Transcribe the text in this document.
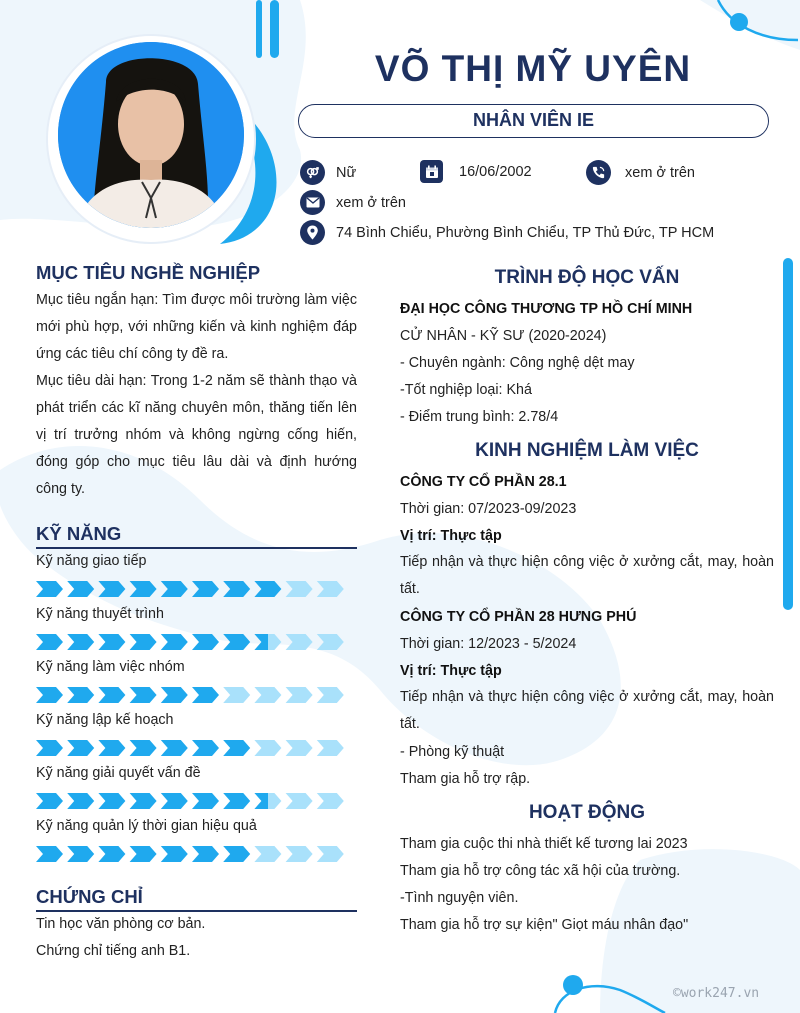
VÕ THỊ MỸ UYÊN
NHÂN VIÊN IE
Nữ	16/06/2002	xem ở trên
xem ở trên
74 Bình Chiểu, Phường Bình Chiểu, TP Thủ Đức, TP HCM
MỤC TIÊU NGHỀ NGHIỆP
Mục tiêu ngắn hạn: Tìm được môi trường làm việc mới phù hợp, với những kiến và kinh nghiệm đáp ứng các tiêu chí công ty đề ra.
Mục tiêu dài hạn: Trong 1-2 năm sẽ thành thạo và phát triển các kĩ năng chuyên môn, thăng tiến lên vị trí trưởng nhóm và không ngừng cống hiến, đóng góp cho mục tiêu lâu dài và định hướng công ty.
KỸ NĂNG
Kỹ năng giao tiếp
Kỹ năng thuyết trình
Kỹ năng làm việc nhóm
Kỹ năng lập kế hoạch
Kỹ năng giải quyết vấn đề
Kỹ năng quản lý thời gian hiệu quả
CHỨNG CHỈ
Tin học văn phòng cơ bản.
Chứng chỉ tiếng anh B1.
TRÌNH ĐỘ HỌC VẤN
ĐẠI HỌC CÔNG THƯƠNG TP HỒ CHÍ MINH
CỬ NHÂN - KỸ SƯ (2020-2024)
- Chuyên ngành: Công nghệ dệt may
-Tốt nghiệp loại: Khá
- Điểm trung bình: 2.78/4
KINH NGHIỆM LÀM VIỆC
CÔNG TY CỔ PHẦN 28.1
Thời gian: 07/2023-09/2023
Vị trí: Thực tập
Tiếp nhận và thực hiện công việc ở xưởng cắt, may, hoàn tất.
CÔNG TY CỔ PHẦN 28 HƯNG PHÚ
Thời gian: 12/2023 - 5/2024
Vị trí: Thực tập
Tiếp nhận và thực hiện công việc ở xưởng cắt, may, hoàn tất.
- Phòng kỹ thuật
Tham gia hỗ trợ rập.
HOẠT ĐỘNG
Tham gia cuộc thi nhà thiết kế tương lai 2023
Tham gia hỗ trợ công tác xã hội của trường.
-Tình nguyện viên.
Tham gia hỗ trợ sự kiện" Giọt máu nhân đạo"
©work247.vn
